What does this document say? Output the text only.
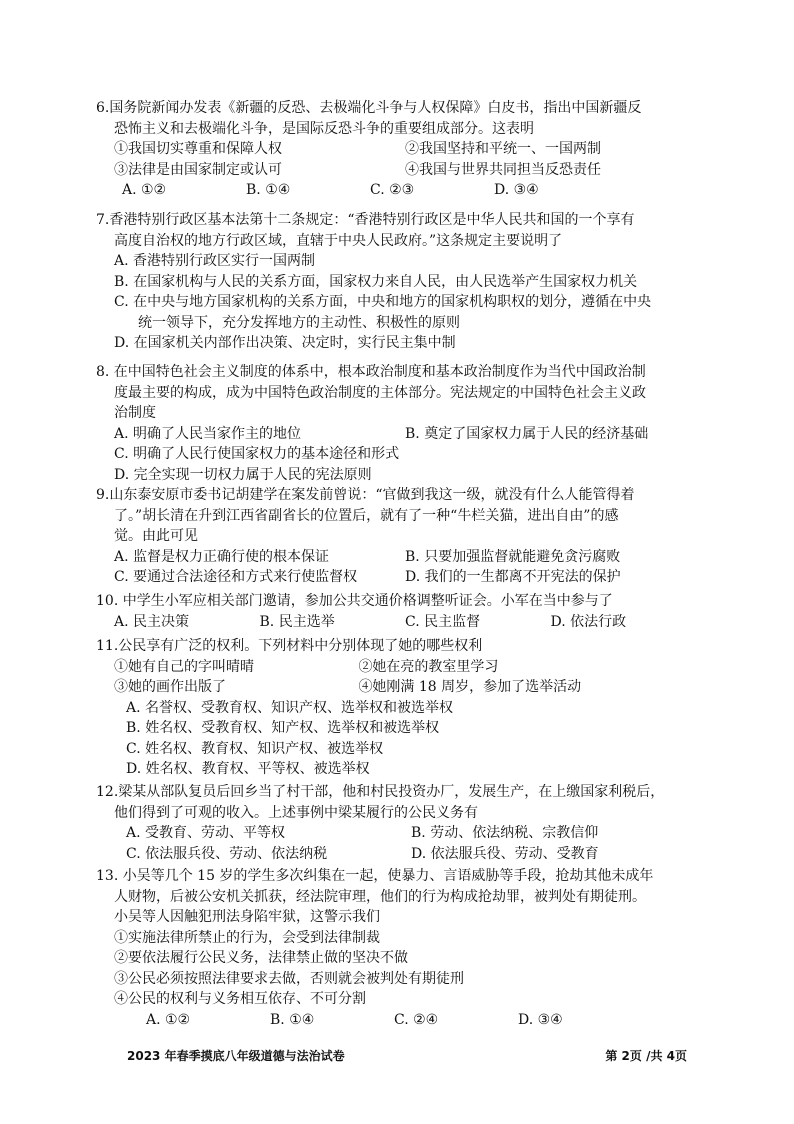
6.国务院新闻办发表《新疆的反恐、去极端化斗争与人权保障》白皮书，指出中国新疆反
恐怖主义和去极端化斗争，是国际反恐斗争的重要组成部分。这表明
①我国切实尊重和保障人权	②我国坚持和平统一、一国两制
③法律是由国家制定或认可	④我国与世界共同担当反恐责任
A. ①②	B. ①④	C. ②③	D. ③④
7.香港特别行政区基本法第十二条规定：“香港特别行政区是中华人民共和国的一个享有
高度自治权的地方行政区域，直辖于中央人民政府。”这条规定主要说明了
A. 香港特别行政区实行一国两制
B. 在国家机构与人民的关系方面，国家权力来自人民，由人民选举产生国家权力机关
C. 在中央与地方国家机构的关系方面，中央和地方的国家机构职权的划分，遵循在中央
统一领导下，充分发挥地方的主动性、积极性的原则
D. 在国家机关内部作出决策、决定时，实行民主集中制
8. 在中国特色社会主义制度的体系中，根本政治制度和基本政治制度作为当代中国政治制
度最主要的构成，成为中国特色政治制度的主体部分。宪法规定的中国特色社会主义政
治制度
A. 明确了人民当家作主的地位	B. 奠定了国家权力属于人民的经济基础
C. 明确了人民行使国家权力的基本途径和形式
D. 完全实现一切权力属于人民的宪法原则
9.山东泰安原市委书记胡建学在案发前曾说：“官做到我这一级，就没有什么人能管得着
了。”胡长清在升到江西省副省长的位置后，就有了一种“牛栏关猫，进出自由”的感
觉。由此可见
A. 监督是权力正确行使的根本保证	B. 只要加强监督就能避免贪污腐败
C. 要通过合法途径和方式来行使监督权	D. 我们的一生都离不开宪法的保护
10. 中学生小军应相关部门邀请，参加公共交通价格调整听证会。小军在当中参与了
A. 民主决策	B. 民主选举	C. 民主监督	D. 依法行政
11.公民享有广泛的权利。下列材料中分别体现了她的哪些权利
①她有自己的字叫晴晴	②她在亮的教室里学习
③她的画作出版了	④她刚满 18 周岁，参加了选举活动
A. 名誉权、受教育权、知识产权、选举权和被选举权
B. 姓名权、受教育权、知产权、选举权和被选举权
C. 姓名权、教育权、知识产权、被选举权
D. 姓名权、教育权、平等权、被选举权
12.梁某从部队复员后回乡当了村干部，他和村民投资办厂，发展生产，在上缴国家利税后，
他们得到了可观的收入。上述事例中梁某履行的公民义务有
A. 受教育、劳动、平等权	B. 劳动、依法纳税、宗教信仰
C. 依法服兵役、劳动、依法纳税	D. 依法服兵役、劳动、受教育
13. 小吴等几个 15 岁的学生多次纠集在一起，使暴力、言语威胁等手段，抢劫其他未成年
人财物，后被公安机关抓获，经法院审理，他们的行为构成抢劫罪，被判处有期徒刑。
小吴等人因触犯刑法身陷牢狱，这警示我们
①实施法律所禁止的行为，会受到法律制裁
②要依法履行公民义务，法律禁止做的坚决不做
③公民必须按照法律要求去做，否则就会被判处有期徒刑
④公民的权利与义务相互依存、不可分割
A. ①②	B. ①④	C. ②④	D. ③④
2023 年春季摸底八年级道德与法治试卷	第 2页 /共 4页
